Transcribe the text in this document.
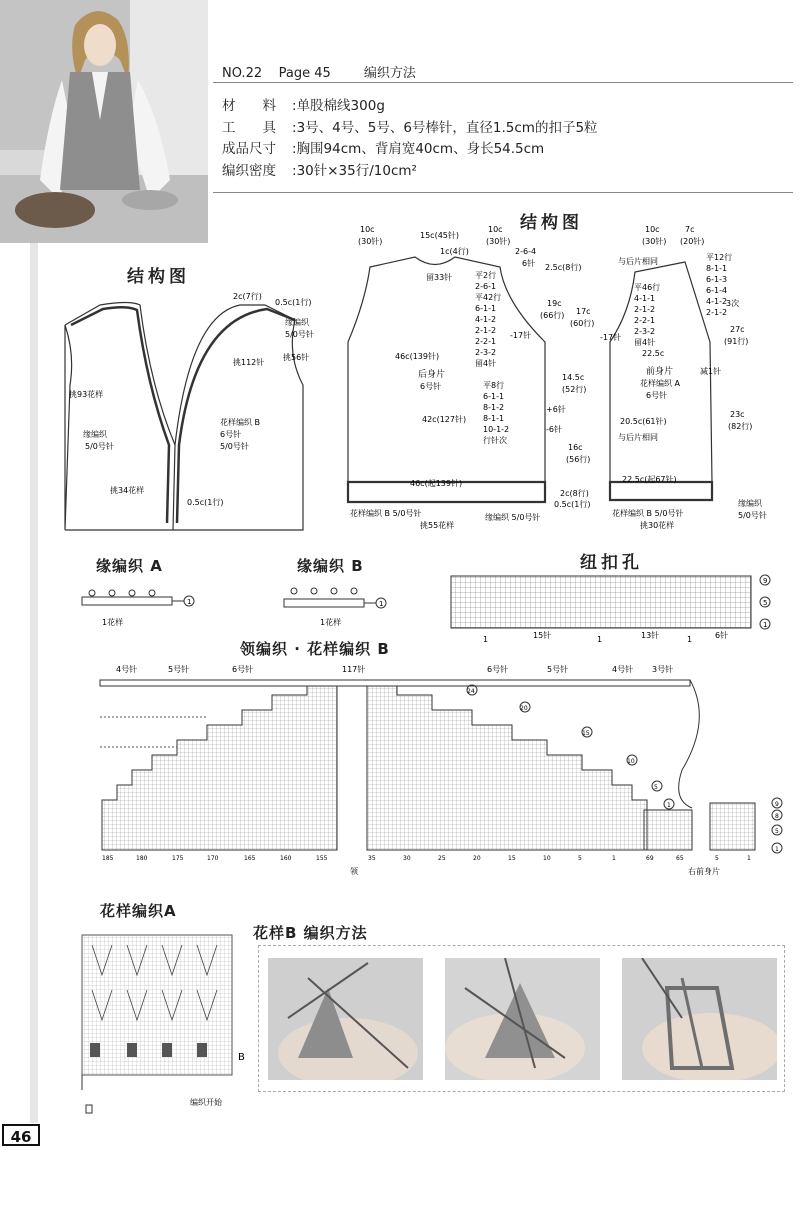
NO.22 Page 45	编织方法
材　　料 :单股棉线300g
工　　具 :3号、4号、5号、6号棒针，直径1.5cm的扣子5粒
成品尺寸 :胸围94cm、背肩宽40cm、身长54.5cm
编织密度 :30针×35行/10cm²
结构图
结构图
2c(7行)
0.5c(1行)
缘编织
5/0号针
挑56针
挑112针
挑93花样
缘编织
5/0号针
花样编织 B
6号针
5/0号针
挑34花样
0.5c(1行)
10c
(30针)
15c(45针)
10c
(30针)
1c(4行)	2-6-4
6针
留33针	平2行
2-6-1
平42行
6-1-1
4-1-2
2-1-2
2-2-1
2-3-2
留4针
2.5c(8行)
19c
(66行) 17c
(60行)
-17针
46c(139针)
后身片
6号针
14.5c
(52行)
平8行
6-1-1
8-1-2
8-1-1
10-1-2
行针次
+6针
-6针
42c(127针)
16c
(56行)
46c(起139针)
2c(8行)
0.5c(1行)
花样编织 B 5/0号针	缘编织 5/0号针
挑55花样
10c
(30针)
7c
(20针)
与后片相同	平12行
8-1-1
6-1-3
6-1-4
4-1-2
2-1-2
3次
平46行
4-1-1
2-1-2
2-2-1
2-3-2
留4针
27c
(91行)
-17针
22.5c
前身片
花样编织 A
6号针
减1针
20.5c(61针)
与后片相同
23c
(82行)
22.5c(起67针)
缘编织
花样编织 B 5/0号针	5/0号针
挑30花样
缘编织 A	缘编织 B	纽扣孔
1
1花样
1
1花样
9
5
1
1	15针	1	13针	1	6针
领编织 · 花样编织 B
4号针	5号针	6号针	117针	6号针	5号针	4号针 3号针
24
20
15
10
5
1	9
8
5
1
185	180	175	170	165	160	155	35	30	25	20	15	10	5	1	69	65	5	1
领	右前身片
花样编织A
B
编织开始
花样B 编织方法
46
